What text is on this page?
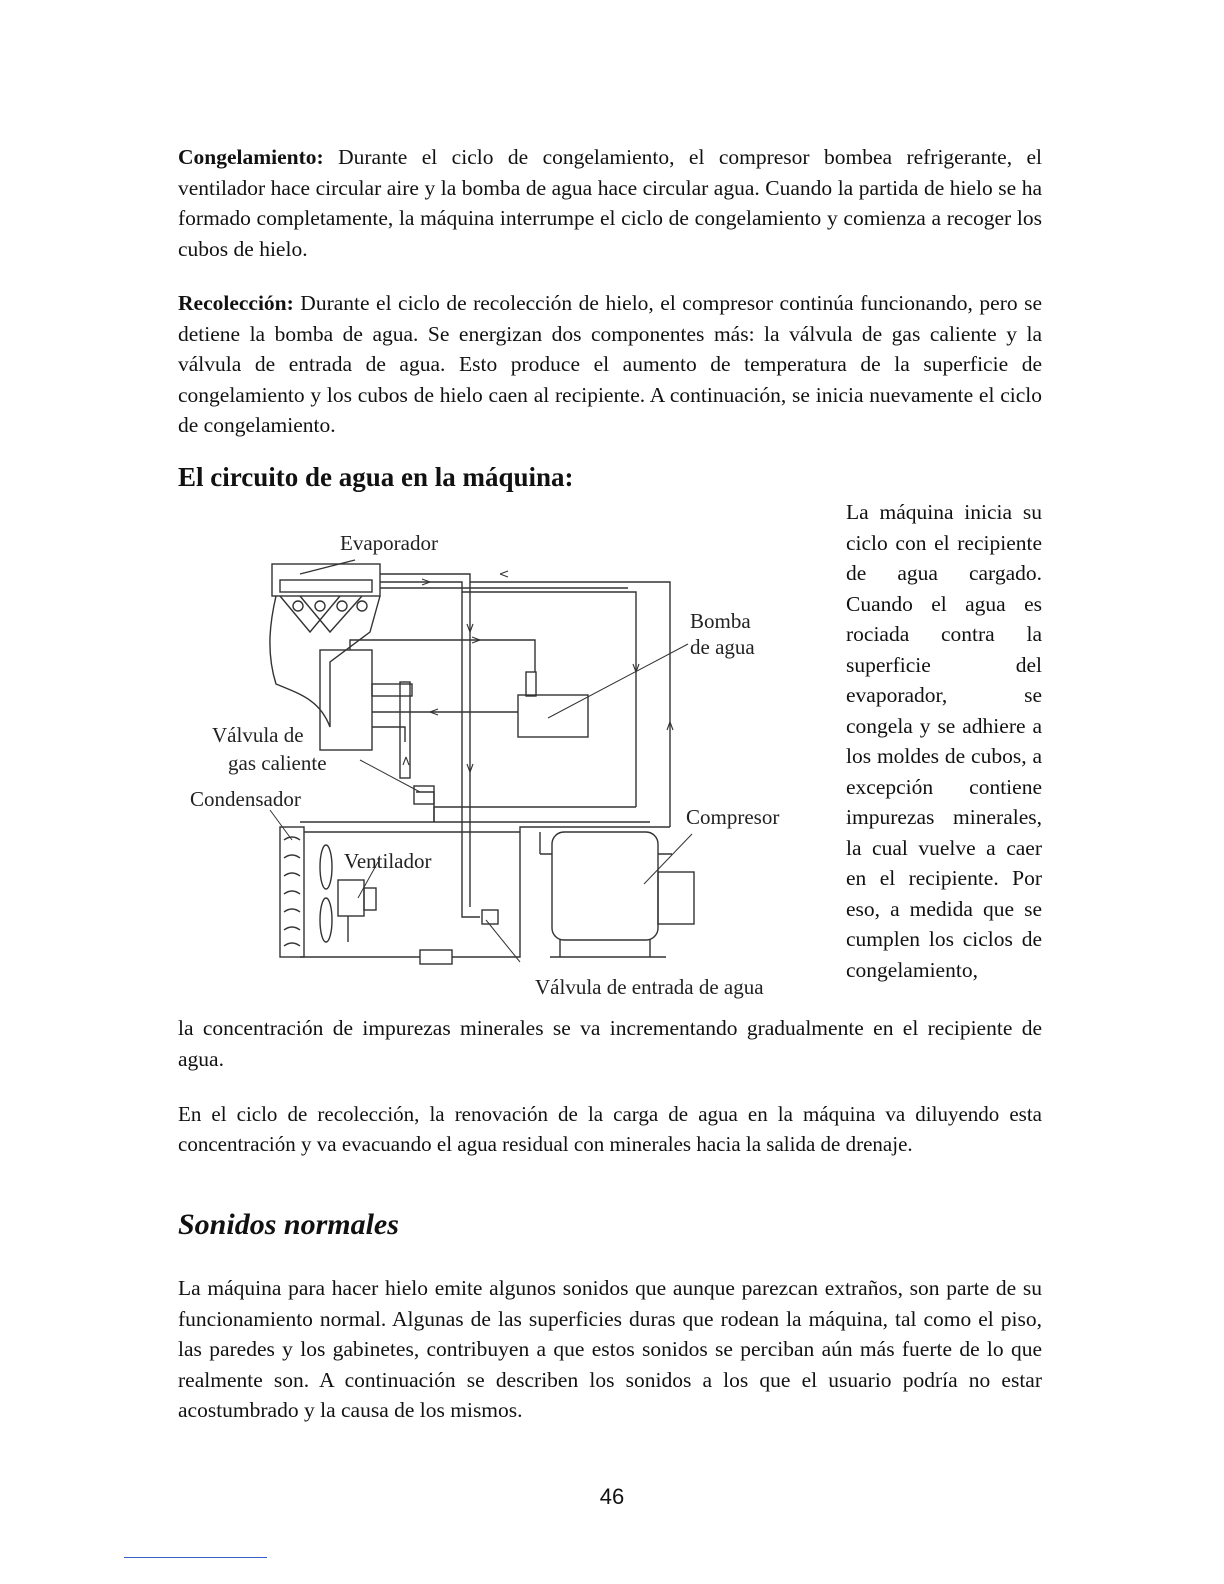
Congelamiento: Durante el ciclo de congelamiento, el compresor bombea refrigerante, el ventilador hace circular aire y la bomba de agua hace circular agua. Cuando la partida de hielo se ha formado completamente, la máquina interrumpe el ciclo de congelamiento y comienza a recoger los cubos de hielo.

Recolección: Durante el ciclo de recolección de hielo, el compresor continúa funcionando, pero se detiene la bomba de agua. Se energizan dos componentes más: la válvula de gas caliente y la válvula de entrada de agua. Esto produce el aumento de temperatura de la superficie de congelamiento y los cubos de hielo caen al recipiente. A continuación, se inicia nuevamente el ciclo de congelamiento.

El circuito de agua en la máquina:

La máquina inicia su ciclo con el recipiente de agua cargado. Cuando el agua es rociada contra la superficie del evaporador, se congela y se adhiere a los moldes de cubos, a excepción contiene impurezas minerales, la cual vuelve a caer en el recipiente. Por eso, a medida que se cumplen los ciclos de congelamiento,

Evaporador
Bomba
de agua
Válvula de
gas caliente
Condensador
Ventilador
Compresor
Válvula de entrada de agua

la concentración de impurezas minerales se va incrementando gradualmente en el recipiente de agua.

En el ciclo de recolección, la renovación de la carga de agua en la máquina va diluyendo esta concentración y va evacuando el agua residual con minerales hacia la salida de drenaje.

Sonidos normales

La máquina para hacer hielo emite algunos sonidos que aunque parezcan extraños, son parte de su funcionamiento normal. Algunas de las superficies duras que rodean la máquina, tal como el piso, las paredes y los gabinetes, contribuyen a que estos sonidos se perciban aún más fuerte de lo que realmente son. A continuación se describen los sonidos a los que el usuario podría no estar acostumbrado y la causa de los mismos.

46
